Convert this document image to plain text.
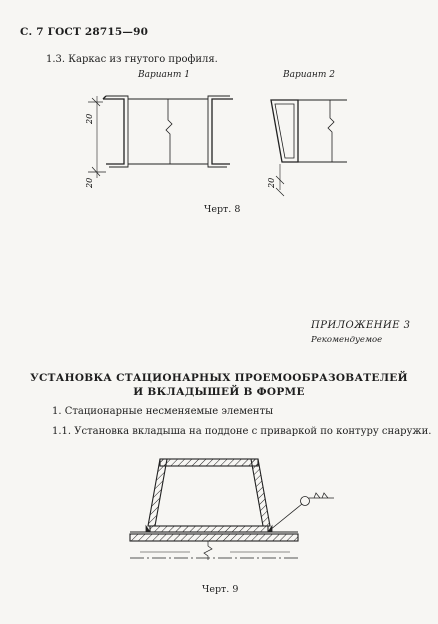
С. 7 ГОСТ 28715—90
1.3. Каркас из гнутого профиля.
Вариант 1	Вариант 2
20
20	20
Черт. 8
ПРИЛОЖЕНИЕ 3
Рекомендуемое
УСТАНОВКА СТАЦИОНАРНЫХ ПРОЕМООБРАЗОВАТЕЛЕЙ
И ВКЛАДЫШЕЙ В ФОРМЕ
1. Стационарные несменяемые элементы
1.1. Установка вкладыша на поддоне с приваркой по контуру снаружи.
Черт. 9
